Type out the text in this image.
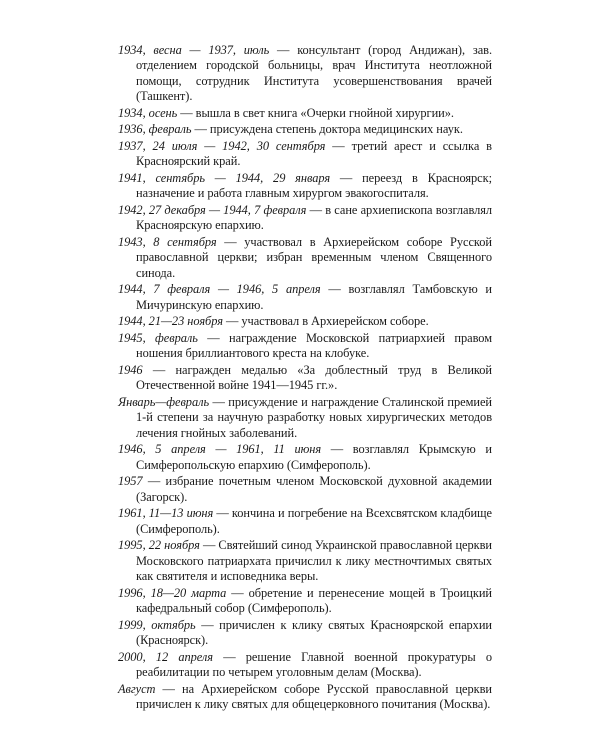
1934, весна — 1937, июль — консультант (город Андижан), зав. отделением городской больницы, врач Института неотложной помощи, сотрудник Института усовершенствования врачей (Ташкент).

1934, осень — вышла в свет книга «Очерки гнойной хирургии».

1936, февраль — присуждена степень доктора медицинских наук.

1937, 24 июля — 1942, 30 сентября — третий арест и ссылка в Красноярский край.

1941, сентябрь — 1944, 29 января — переезд в Красноярск; назначение и работа главным хирургом эвакогоспиталя.

1942, 27 декабря — 1944, 7 февраля — в сане архиепископа возглавлял Красноярскую епархию.

1943, 8 сентября — участвовал в Архиерейском соборе Русской православной церкви; избран временным членом Священного синода.

1944, 7 февраля — 1946, 5 апреля — возглавлял Тамбовскую и Мичуринскую епархию.

1944, 21—23 ноября — участвовал в Архиерейском соборе.

1945, февраль — награждение Московской патриархией правом ношения бриллиантового креста на клобуке.

1946 — награжден медалью «За доблестный труд в Великой Отечественной войне 1941—1945 гг.».

Январь—февраль — присуждение и награждение Сталинской премией 1-й степени за научную разработку новых хирургических методов лечения гнойных заболеваний.

1946, 5 апреля — 1961, 11 июня — возглавлял Крымскую и Симферопольскую епархию (Симферополь).

1957 — избрание почетным членом Московской духовной академии (Загорск).

1961, 11—13 июня — кончина и погребение на Всехсвятском кладбище (Симферополь).

1995, 22 ноября — Святейший синод Украинской православной церкви Московского патриархата причислил к лику местночтимых святых как святителя и исповедника веры.

1996, 18—20 марта — обретение и перенесение мощей в Троицкий кафедральный собор (Симферополь).

1999, октябрь — причислен к клику святых Красноярской епархии (Красноярск).

2000, 12 апреля — решение Главной военной прокуратуры о реабилитации по четырем уголовным делам (Москва).

Август — на Архиерейском соборе Русской православной церкви причислен к лику святых для общецерковного почитания (Москва).
